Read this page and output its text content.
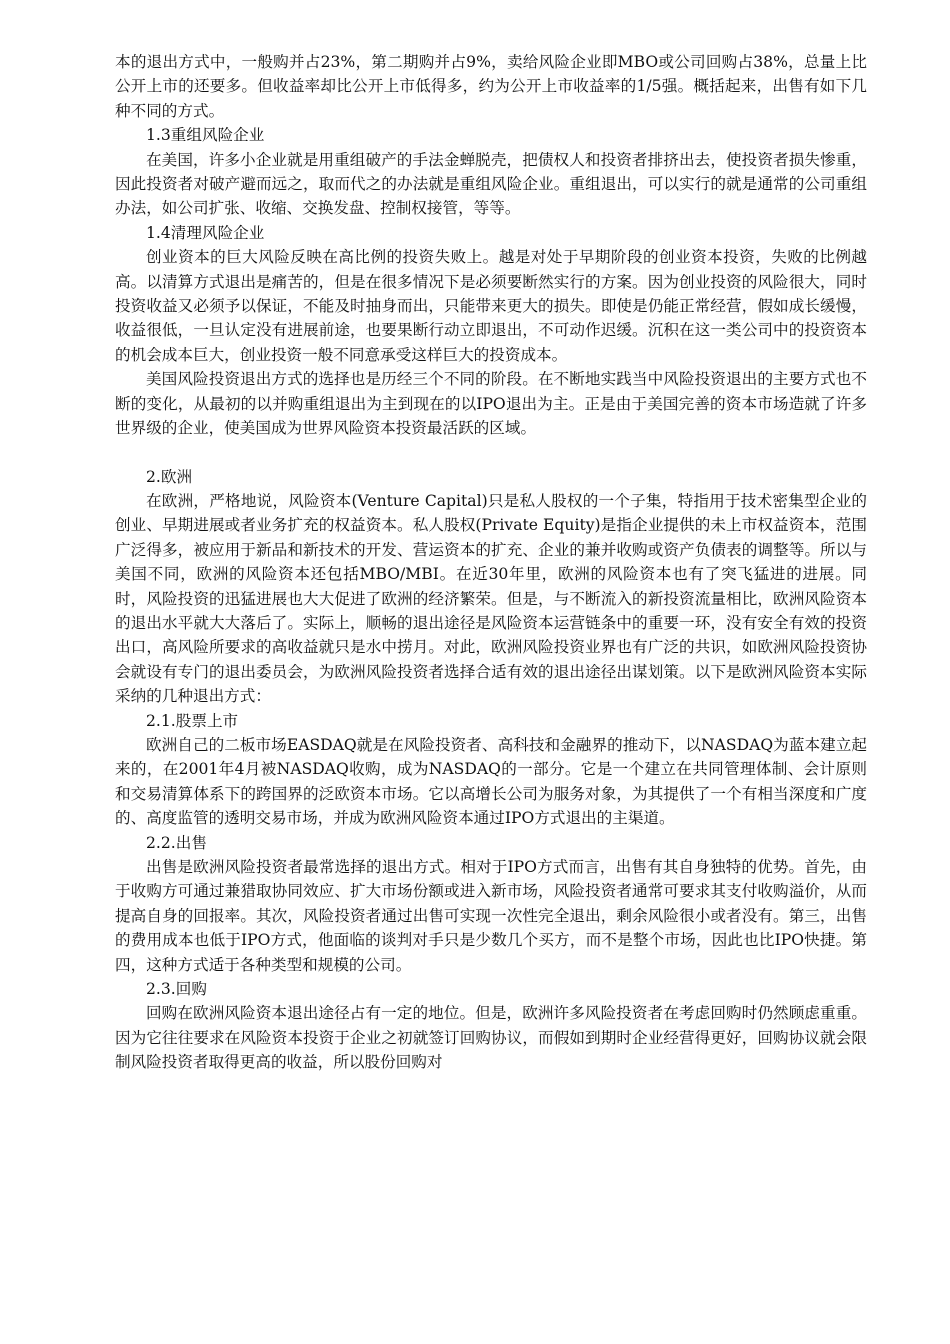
本的退出方式中，一般购并占23%，第二期购并占9%，卖给风险企业即MBO或公司回购占38%，总量上比公开上市的还要多。但收益率却比公开上市低得多，约为公开上市收益率的1/5强。概括起来，出售有如下几种不同的方式。

1.3重组风险企业

在美国，许多小企业就是用重组破产的手法金蝉脱壳，把债权人和投资者排挤出去，使投资者损失惨重，因此投资者对破产避而远之，取而代之的办法就是重组风险企业。重组退出，可以实行的就是通常的公司重组办法，如公司扩张、收缩、交换发盘、控制权接管，等等。

1.4清理风险企业

创业资本的巨大风险反映在高比例的投资失败上。越是对处于早期阶段的创业资本投资，失败的比例越高。以清算方式退出是痛苦的，但是在很多情况下是必须要断然实行的方案。因为创业投资的风险很大，同时投资收益又必须予以保证，不能及时抽身而出，只能带来更大的损失。即使是仍能正常经营，假如成长缓慢，收益很低，一旦认定没有进展前途，也要果断行动立即退出，不可动作迟缓。沉积在这一类公司中的投资资本的机会成本巨大，创业投资一般不同意承受这样巨大的投资成本。

美国风险投资退出方式的选择也是历经三个不同的阶段。在不断地实践当中风险投资退出的主要方式也不断的变化，从最初的以并购重组退出为主到现在的以IPO退出为主。正是由于美国完善的资本市场造就了许多世界级的企业，使美国成为世界风险资本投资最活跃的区域。

2.欧洲

在欧洲，严格地说，风险资本(Venture Capital)只是私人股权的一个子集，特指用于技术密集型企业的创业、早期进展或者业务扩充的权益资本。私人股权(Private Equity)是指企业提供的未上市权益资本，范围广泛得多，被应用于新品和新技术的开发、营运资本的扩充、企业的兼并收购或资产负债表的调整等。所以与美国不同，欧洲的风险资本还包括MBO/MBI。在近30年里，欧洲的风险资本也有了突飞猛进的进展。同时，风险投资的迅猛进展也大大促进了欧洲的经济繁荣。但是，与不断流入的新投资流量相比，欧洲风险资本的退出水平就大大落后了。实际上，顺畅的退出途径是风险资本运营链条中的重要一环，没有安全有效的投资出口，高风险所要求的高收益就只是水中捞月。对此，欧洲风险投资业界也有广泛的共识，如欧洲风险投资协会就设有专门的退出委员会，为欧洲风险投资者选择合适有效的退出途径出谋划策。以下是欧洲风险资本实际采纳的几种退出方式：

2.1.股票上市

欧洲自己的二板市场EASDAQ就是在风险投资者、高科技和金融界的推动下，以NASDAQ为蓝本建立起来的，在2001年4月被NASDAQ收购，成为NASDAQ的一部分。它是一个建立在共同管理体制、会计原则和交易清算体系下的跨国界的泛欧资本市场。它以高增长公司为服务对象，为其提供了一个有相当深度和广度的、高度监管的透明交易市场，并成为欧洲风险资本通过IPO方式退出的主渠道。

2.2.出售

出售是欧洲风险投资者最常选择的退出方式。相对于IPO方式而言，出售有其自身独特的优势。首先，由于收购方可通过兼猎取协同效应、扩大市场份额或进入新市场，风险投资者通常可要求其支付收购溢价，从而提高自身的回报率。其次，风险投资者通过出售可实现一次性完全退出，剩余风险很小或者没有。第三，出售的费用成本也低于IPO方式，他面临的谈判对手只是少数几个买方，而不是整个市场，因此也比IPO快捷。第四，这种方式适于各种类型和规模的公司。

2.3.回购

回购在欧洲风险资本退出途径占有一定的地位。但是，欧洲许多风险投资者在考虑回购时仍然顾虑重重。因为它往往要求在风险资本投资于企业之初就签订回购协议，而假如到期时企业经营得更好，回购协议就会限制风险投资者取得更高的收益，所以股份回购对
